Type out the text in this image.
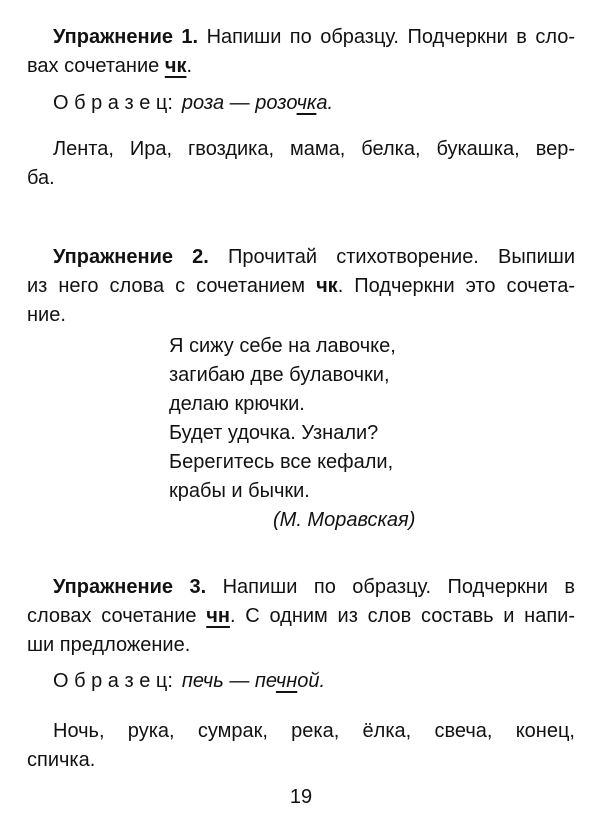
Упражнение 1. Напиши по образцу. Подчеркни в сло-
вах сочетание чк.
О б р а з е ц: роза — розочка.
Лента, Ира, гвоздика, мама, белка, букашка, вер-
ба.
Упражнение 2. Прочитай стихотворение. Выпиши
из него слова с сочетанием чк. Подчеркни это сочета-
ние.
Я сижу себе на лавочке,
загибаю две булавочки,
делаю крючки.
Будет удочка. Узнали?
Берегитесь все кефали,
крабы и бычки.
(М. Моравская)
Упражнение 3. Напиши по образцу. Подчеркни в
словах сочетание чн. С одним из слов составь и напи-
ши предложение.
О б р а з е ц: печь — печной.
Ночь, рука, сумрак, река, ёлка, свеча, конец,
спичка.
19
